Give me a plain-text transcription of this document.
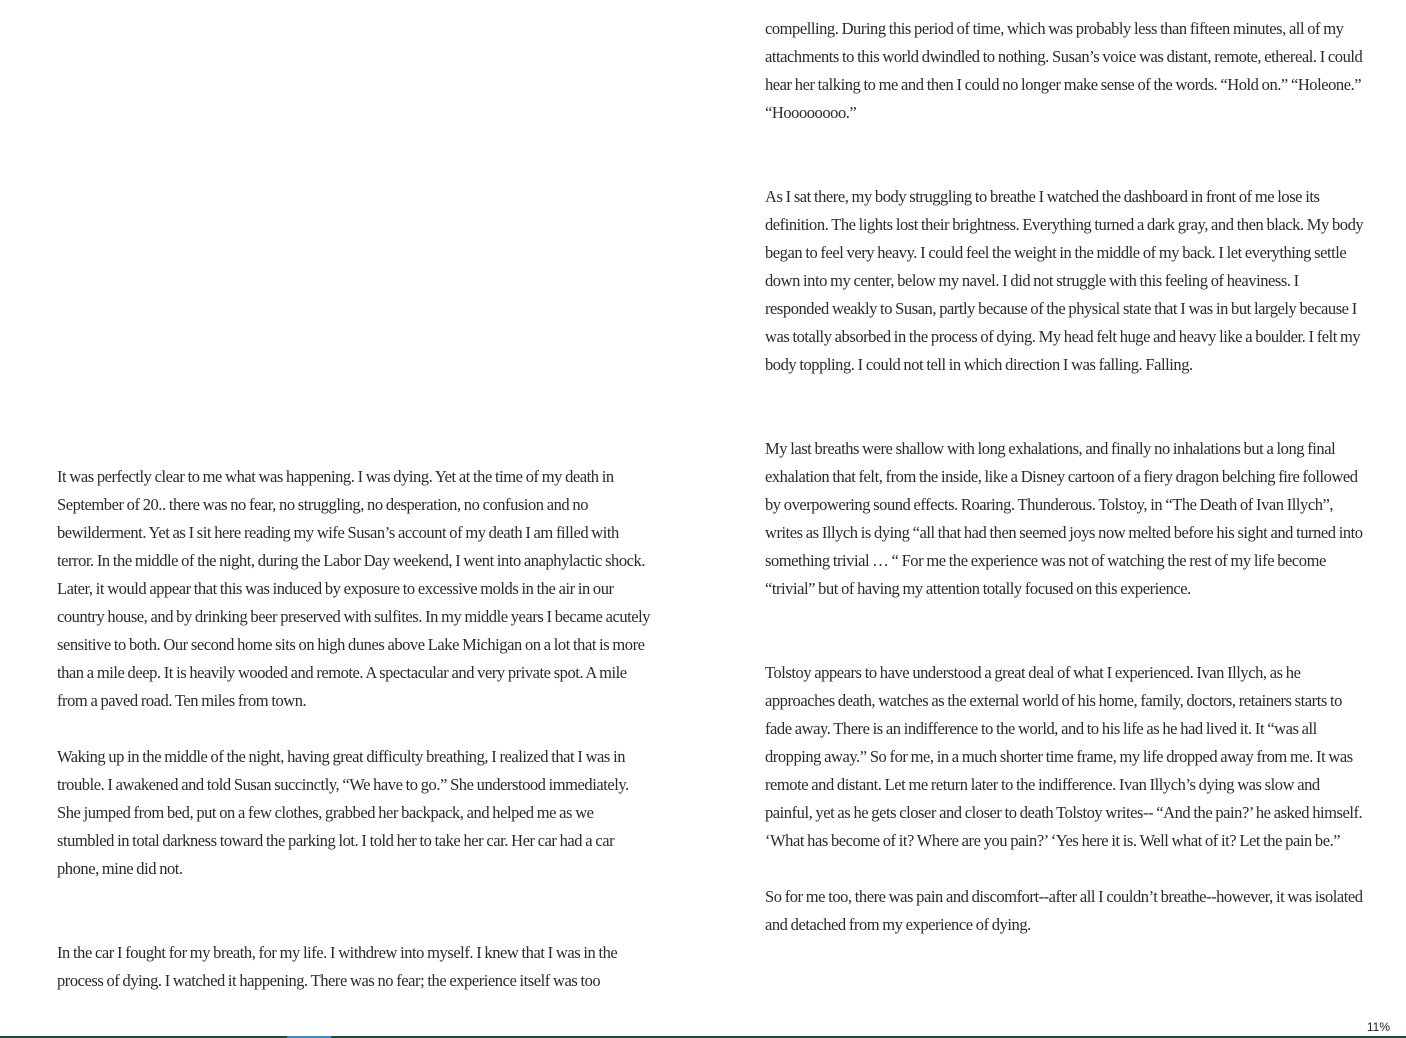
It was perfectly clear to me what was happening. I was dying. Yet at the time of my death in September of 20.. there was no fear, no struggling, no desperation, no confusion and no bewilderment. Yet as I sit here reading my wife Susan’s account of my death I am filled with terror. In the middle of the night, during the Labor Day weekend, I went into anaphylactic shock. Later, it would appear that this was induced by exposure to excessive molds in the air in our country house, and by drinking beer preserved with sulfites. In my middle years I became acutely sensitive to both. Our second home sits on high dunes above Lake Michigan on a lot that is more than a mile deep. It is heavily wooded and remote. A spectacular and very private spot. A mile from a paved road. Ten miles from town.

Waking up in the middle of the night, having great difficulty breathing, I realized that I was in trouble. I awakened and told Susan succinctly, “We have to go.” She understood immediately. She jumped from bed, put on a few clothes, grabbed her backpack, and helped me as we stumbled in total darkness toward the parking lot. I told her to take her car. Her car had a car phone, mine did not.

In the car I fought for my breath, for my life. I withdrew into myself. I knew that I was in the process of dying. I watched it happening. There was no fear; the experience itself was too

compelling. During this period of time, which was probably less than fifteen minutes, all of my attachments to this world dwindled to nothing. Susan’s voice was distant, remote, ethereal. I could hear her talking to me and then I could no longer make sense of the words. “Hold on.” “Holeone.” “Hoooooooo.”

As I sat there, my body struggling to breathe I watched the dashboard in front of me lose its definition. The lights lost their brightness. Everything turned a dark gray, and then black. My body began to feel very heavy. I could feel the weight in the middle of my back. I let everything settle down into my center, below my navel. I did not struggle with this feeling of heaviness. I responded weakly to Susan, partly because of the physical state that I was in but largely because I was totally absorbed in the process of dying. My head felt huge and heavy like a boulder. I felt my body toppling. I could not tell in which direction I was falling. Falling.

My last breaths were shallow with long exhalations, and finally no inhalations but a long final exhalation that felt, from the inside, like a Disney cartoon of a fiery dragon belching fire followed by overpowering sound effects. Roaring. Thunderous. Tolstoy, in “The Death of Ivan Illych”, writes as Illych is dying “all that had then seemed joys now melted before his sight and turned into something trivial … “ For me the experience was not of watching the rest of my life become “trivial” but of having my attention totally focused on this experience.

Tolstoy appears to have understood a great deal of what I experienced. Ivan Illych, as he approaches death, watches as the external world of his home, family, doctors, retainers starts to fade away. There is an indifference to the world, and to his life as he had lived it. It “was all dropping away.” So for me, in a much shorter time frame, my life dropped away from me. It was remote and distant. Let me return later to the indifference. Ivan Illych’s dying was slow and painful, yet as he gets closer and closer to death Tolstoy writes-- “And the pain?’ he asked himself. ‘What has become of it? Where are you pain?’ ‘Yes here it is. Well what of it? Let the pain be.”

So for me too, there was pain and discomfort--after all I couldn’t breathe--however, it was isolated and detached from my experience of dying.

11%
